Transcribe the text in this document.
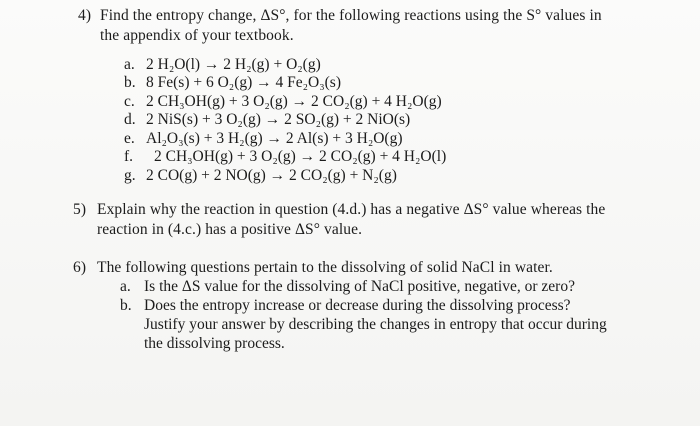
4) Find the entropy change, ΔS°, for the following reactions using the S° values in
the appendix of your textbook.
a. 2 H₂O(l) → 2 H₂(g) + O₂(g)
b. 8 Fe(s) + 6 O₂(g) → 4 Fe₂O₃(s)
c. 2 CH₃OH(g) + 3 O₂(g) → 2 CO₂(g) + 4 H₂O(g)
d. 2 NiS(s) + 3 O₂(g) → 2 SO₂(g) + 2 NiO(s)
e. Al₂O₃(s) + 3 H₂(g) → 2 Al(s) + 3 H₂O(g)
f. 2 CH₃OH(g) + 3 O₂(g) → 2 CO₂(g) + 4 H₂O(l)
g. 2 CO(g) + 2 NO(g) → 2 CO₂(g) + N₂(g)
5) Explain why the reaction in question (4.d.) has a negative ΔS° value whereas the
reaction in (4.c.) has a positive ΔS° value.
6) The following questions pertain to the dissolving of solid NaCl in water.
a. Is the ΔS value for the dissolving of NaCl positive, negative, or zero?
b. Does the entropy increase or decrease during the dissolving process?
Justify your answer by describing the changes in entropy that occur during
the dissolving process.
